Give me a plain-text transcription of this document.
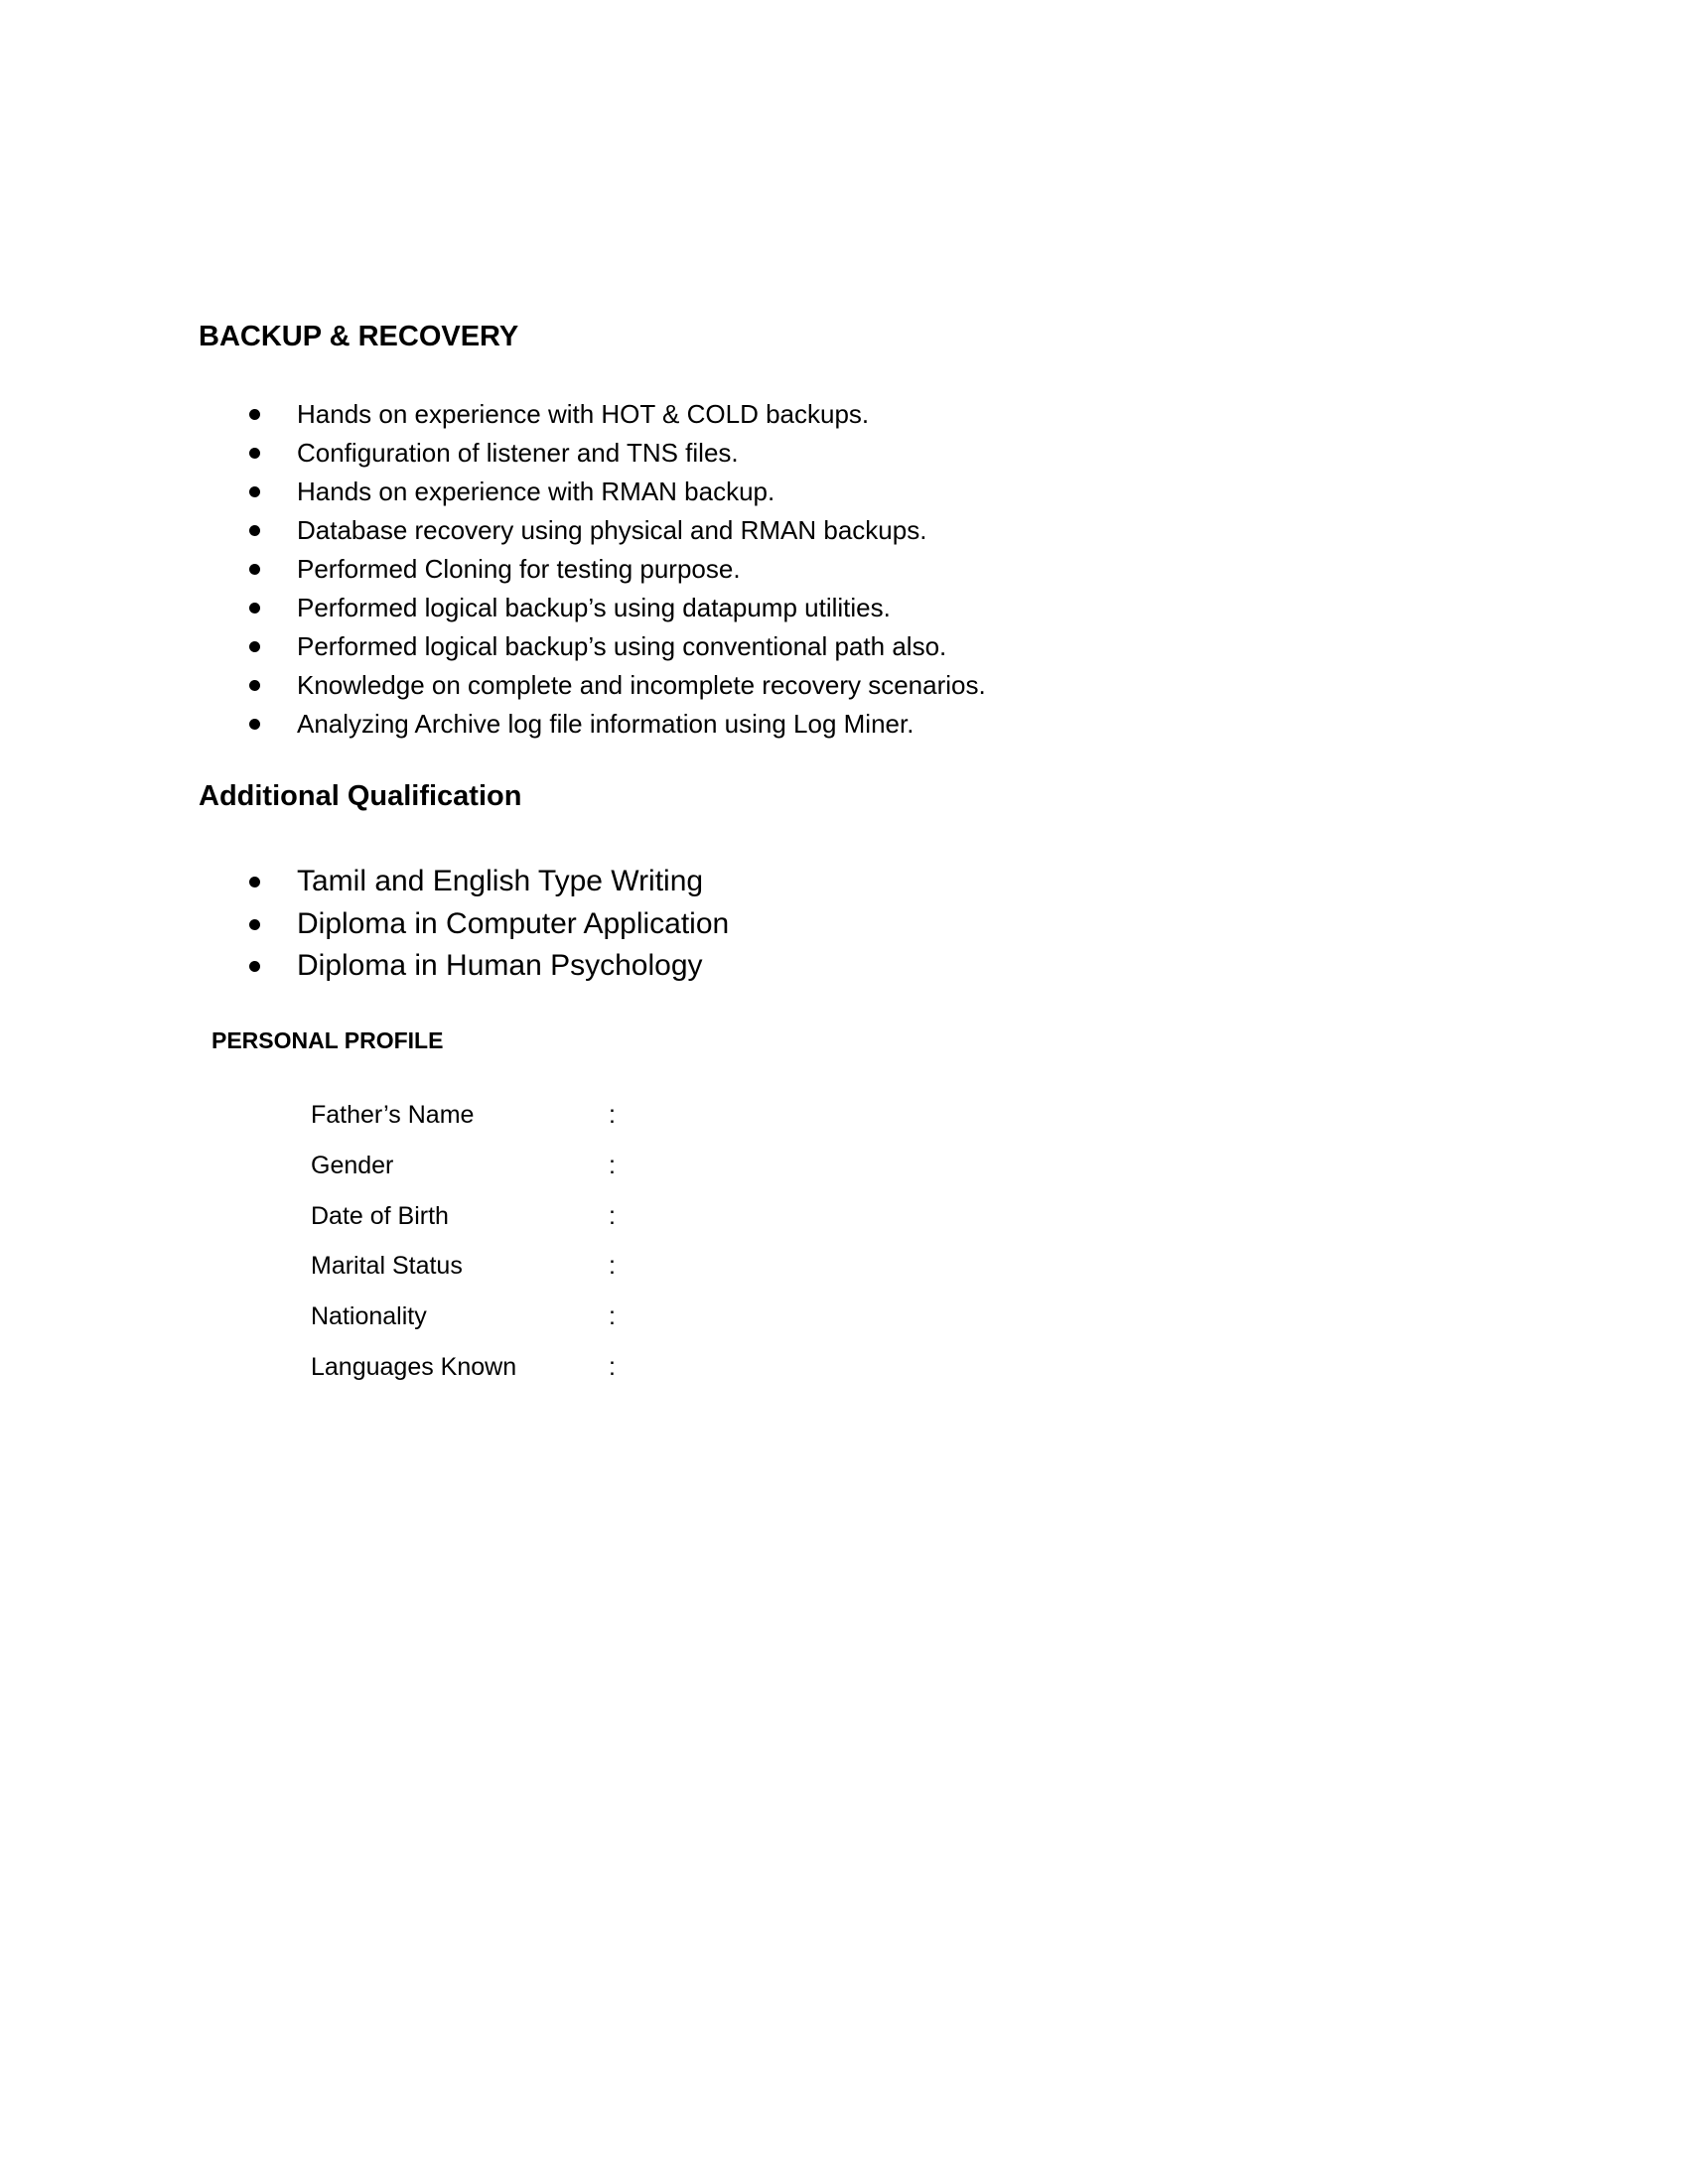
BACKUP & RECOVERY
Hands on experience with HOT & COLD backups.
Configuration of listener and TNS files.
Hands on experience with RMAN backup.
Database recovery using physical and RMAN backups.
Performed Cloning for testing purpose.
Performed logical backup’s using datapump utilities.
Performed logical backup’s using conventional path also.
Knowledge on complete and incomplete recovery scenarios.
Analyzing Archive log file information using Log Miner.
Additional Qualification
Tamil and English Type Writing
Diploma in Computer Application
Diploma in Human Psychology
PERSONAL PROFILE
Father’s Name	:
Gender	:
Date of Birth	:
Marital Status	:
Nationality	:
Languages Known	:
